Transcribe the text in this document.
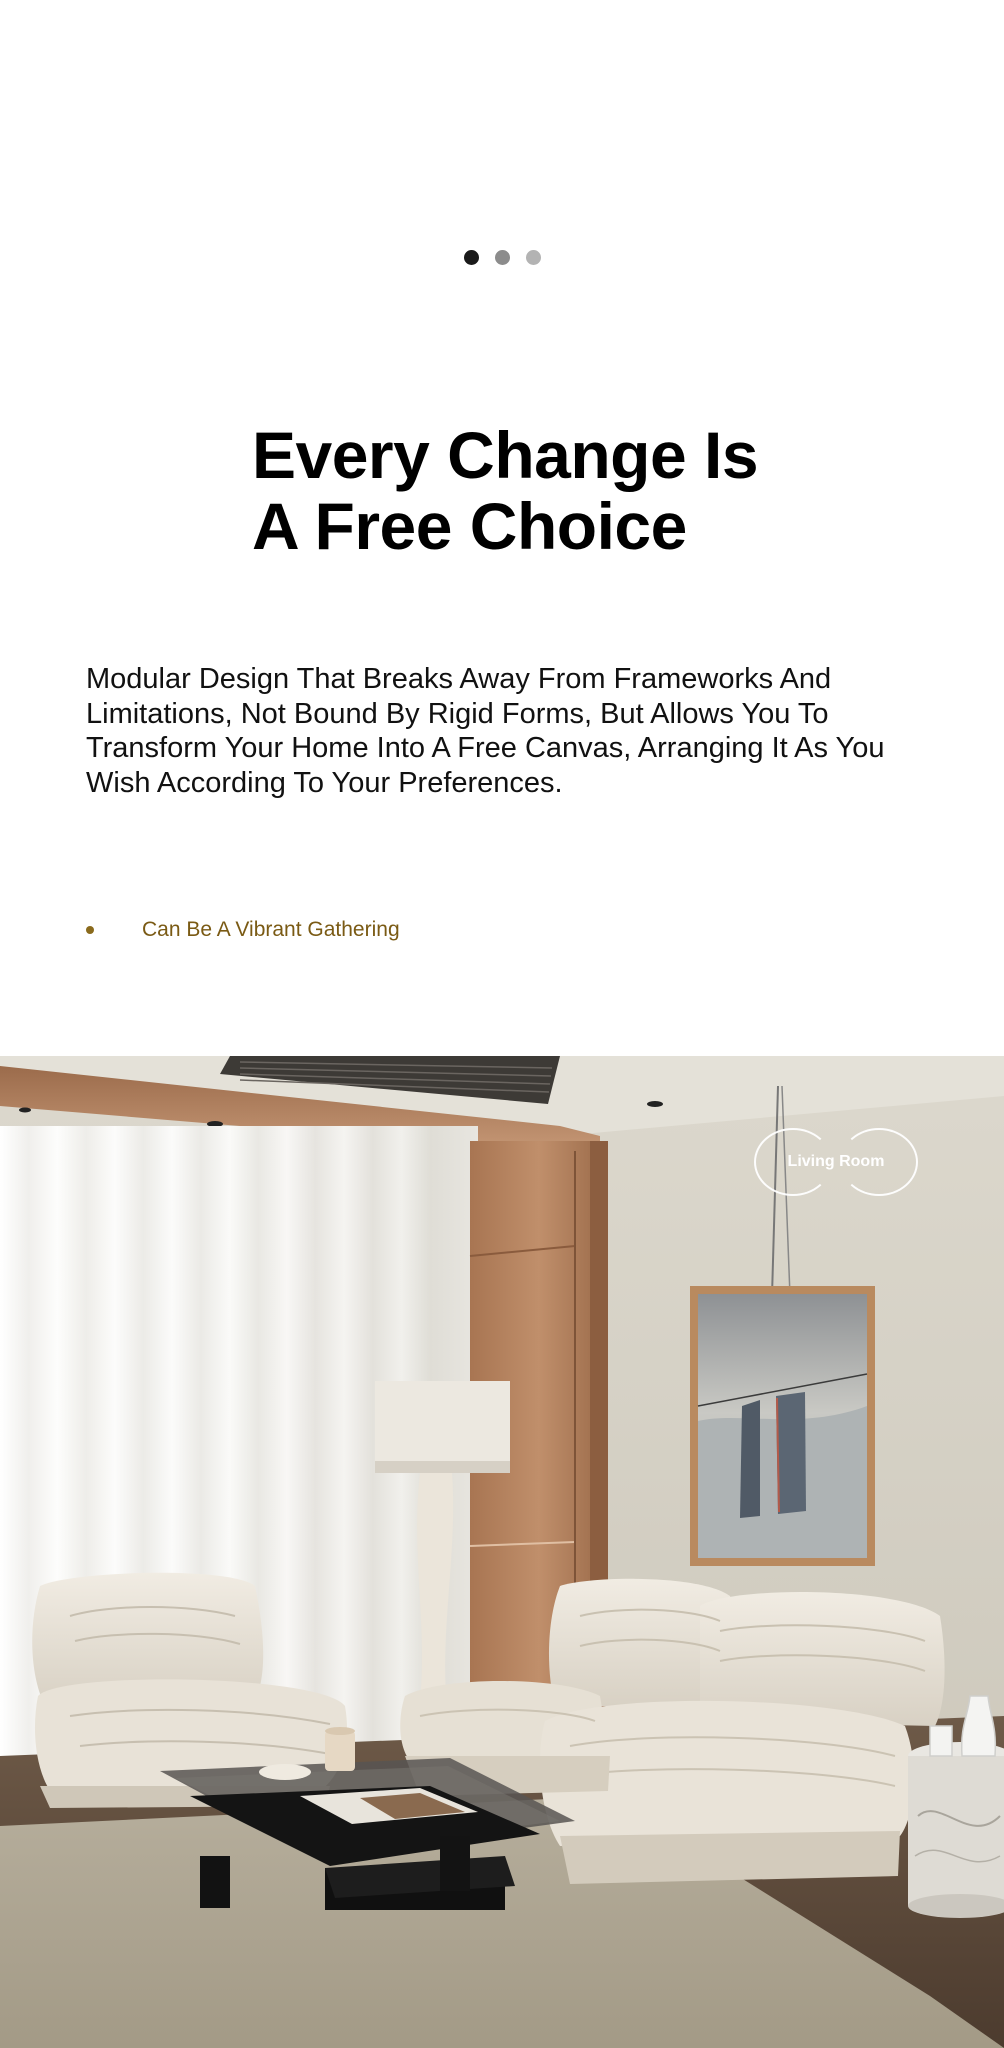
Every Change Is
A Free Choice

Modular Design That Breaks Away From Frameworks And Limitations, Not Bound By Rigid Forms, But Allows You To Transform Your Home Into A Free Canvas, Arranging It As You Wish According To Your Preferences.

Can Be A Vibrant Gathering
Living Room
